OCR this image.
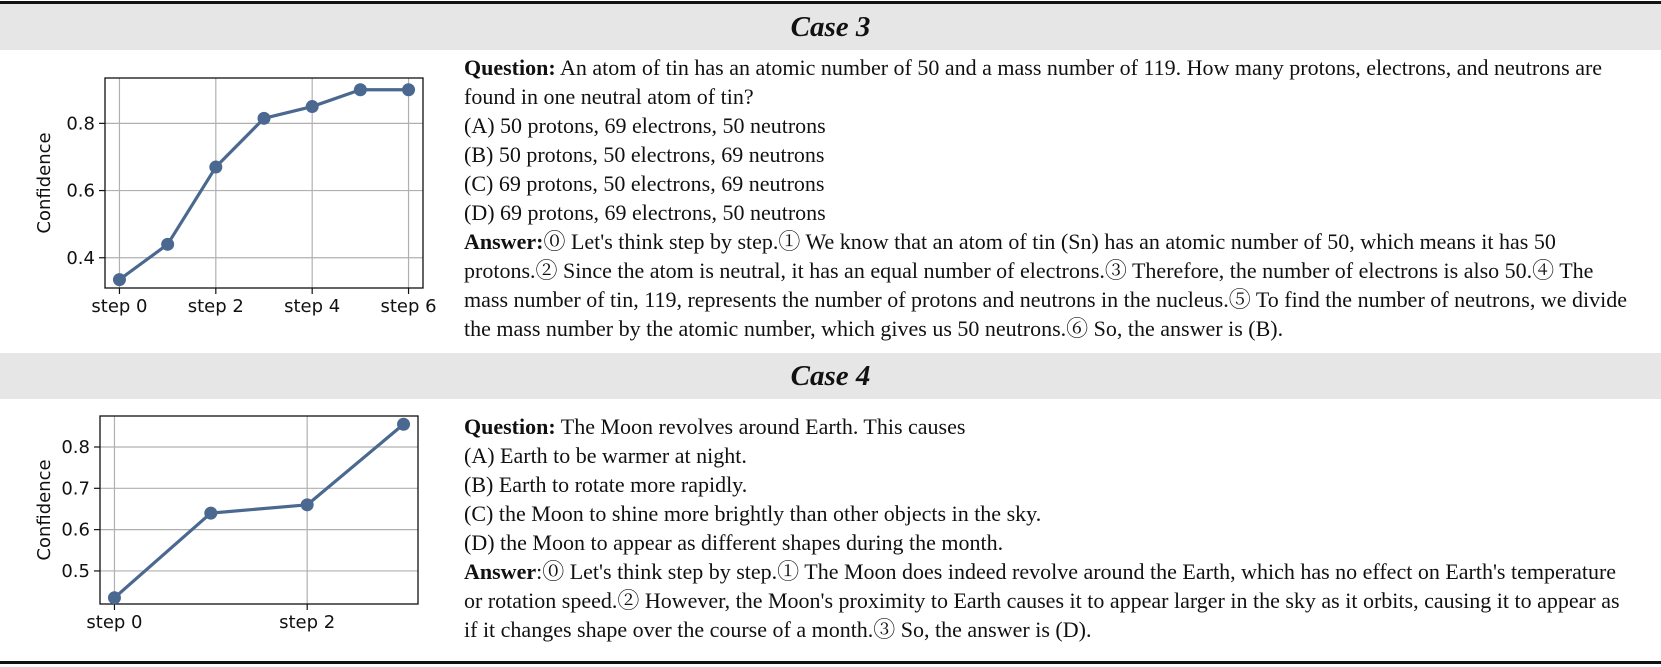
Case 3
step 0 step 2 step 4 step 6
0.4
0.6
0.8
Confidence

Question: An atom of tin has an atomic number of 50 and a mass number of 119. How many protons, electrons, and neutrons are found in one neutral atom of tin?

(A) 50 protons, 69 electrons, 50 neutrons

(B) 50 protons, 50 electrons, 69 neutrons

(C) 69 protons, 50 electrons, 69 neutrons

(D) 69 protons, 69 electrons, 50 neutrons

Answer:⓪ Let's think step by step.① We know that an atom of tin (Sn) has an atomic number of 50, which means it has 50 protons.② Since the atom is neutral, it has an equal number of electrons.③ Therefore, the number of electrons is also 50.④ The mass number of tin, 119, represents the number of protons and neutrons in the nucleus.⑤ To find the number of neutrons, we divide the mass number by the atomic number, which gives us 50 neutrons.⑥ So, the answer is (B).

Case 4
step 0	step 2
0.5
0.6
0.7
0.8
Confidence

Question: The Moon revolves around Earth. This causes

(A) Earth to be warmer at night.

(B) Earth to rotate more rapidly.

(C) the Moon to shine more brightly than other objects in the sky.

(D) the Moon to appear as different shapes during the month.

Answer:⓪ Let's think step by step.① The Moon does indeed revolve around the Earth, which has no effect on Earth's temperature or rotation speed.② However, the Moon's proximity to Earth causes it to appear larger in the sky as it orbits, causing it to appear as if it changes shape over the course of a month.③ So, the answer is (D).
